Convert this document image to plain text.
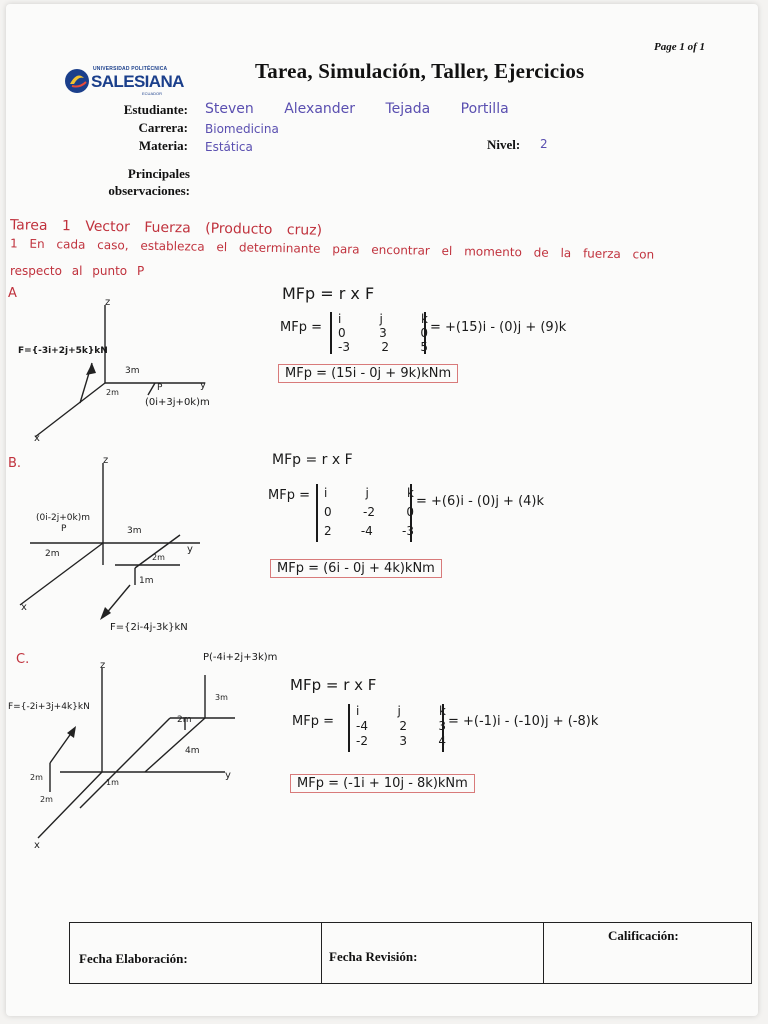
Page 1 of 1
UNIVERSIDAD POLITÉCNICA
SALESIANA
ECUADOR
Tarea, Simulación, Taller, Ejercicios
Estudiante: Steven Alexander Tejada Portilla
Carrera: Biomedicina
Materia: Estática	Nivel: 2
Principales
observaciones:
Tarea 1 Vector Fuerza (Producto cruz)
1 En cada caso, establezca el determinante para encontrar el momento de la fuerza con
respecto al punto P
A
z
y
x
3m
2m	P
F={-3i+2j+5k}kN
(0i+3j+0k)m
MFp = r x F
MFp =
i	j	k
0	3	0
-3	2	5
= +(15)i - (0)j + (9)k
MFp = (15i - 0j + 9k)kNm
B.	z
y
x
3m
2m	2m
1m
P
(0i-2j+0k)m
F={2i-4j-3k}kN
MFp = r x F
MFp = i	j	k
0	-2	0
2 -4 -3
= +(6)i - (0)j + (4)k
MFp = (6i - 0j + 4k)kNm
C.	z
y
x
2m
3m
4m
2m
2m
1m
P(-4i+2j+3k)m
F={-2i+3j+4k}kN
MFp = r x F
MFp =
i	j	k
-4	2	3
-2	3	4
= +(-1)i - (-10)j + (-8)k
MFp = (-1i + 10j - 8k)kNm
Fecha Elaboración:	Fecha Revisión:
Calificación:
